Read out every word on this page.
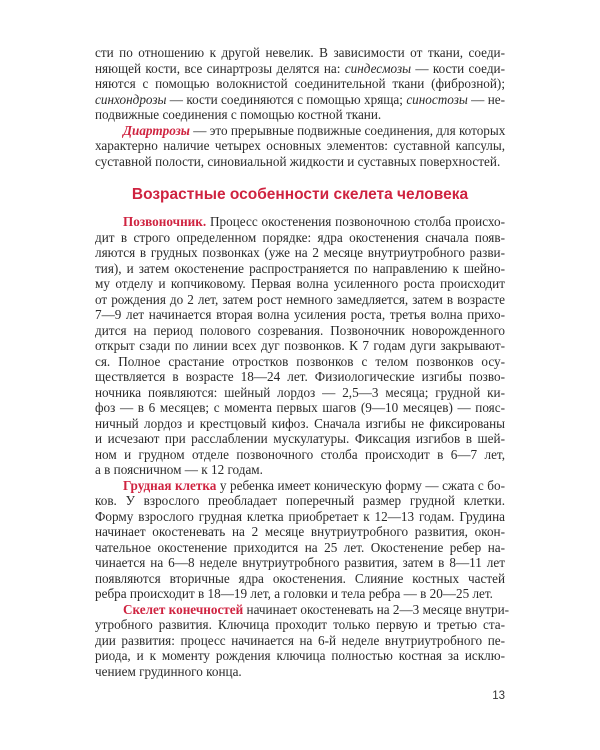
сти по отношению к другой невелик. В зависимости от ткани, соеди-
няющей кости, все синартрозы делятся на: синдесмозы — кости соеди-
няются с помощью волокнистой соединительной ткани (фиброзной);
синхондрозы — кости соединяются с помощью хряща; синостозы — не-
подвижные соединения с помощью костной ткани.
Диартрозы — это прерывные подвижные соединения, для которых
характерно наличие четырех основных элементов: суставной капсулы,
суставной полости, синовиальной жидкости и суставных поверхностей.
Возрастные особенности скелета человека
Позвоночник. Процесс окостенения позвоночною столба происхо-
дит в строго определенном порядке: ядра окостенения сначала появ-
ляются в грудных позвонках (уже на 2 месяце внутриутробного разви-
тия), и затем окостенение распространяется по направлению к шейно-
му отделу и копчиковому. Первая волна усиленного роста происходит
от рождения до 2 лет, затем рост немного замедляется, затем в возрасте
7—9 лет начинается вторая волна усиления роста, третья волна прихо-
дится на период полового созревания. Позвоночник новорожденного
открыт сзади по линии всех дуг позвонков. К 7 годам дуги закрывают-
ся. Полное срастание отростков позвонков с телом позвонков осу-
ществляется в возрасте 18—24 лет. Физиологические изгибы позво-
ночника появляются: шейный лордоз — 2,5—3 месяца; грудной ки-
фоз — в 6 месяцев; с момента первых шагов (9—10 месяцев) — пояс-
ничный лордоз и крестцовый кифоз. Сначала изгибы не фиксированы
и исчезают при расслаблении мускулатуры. Фиксация изгибов в шей-
ном и грудном отделе позвоночного столба происходит в 6—7 лет,
а в поясничном — к 12 годам.
Грудная клетка у ребенка имеет коническую форму — сжата с бо-
ков. У взрослого преобладает поперечный размер грудной клетки.
Форму взрослого грудная клетка приобретает к 12—13 годам. Грудина
начинает окостеневать на 2 месяце внутриутробного развития, окон-
чательное окостенение приходится на 25 лет. Окостенение ребер на-
чинается на 6—8 неделе внутриутробного развития, затем в 8—11 лет
появляются вторичные ядра окостенения. Слияние костных частей
ребра происходит в 18—19 лет, а головки и тела ребра — в 20—25 лет.
Скелет конечностей начинает окостеневать на 2—3 месяце внутри-
утробного развития. Ключица проходит только первую и третью ста-
дии развития: процесс начинается на 6-й неделе внутриутробного пе-
риода, и к моменту рождения ключица полностью костная за исклю-
чением грудинного конца.
13
